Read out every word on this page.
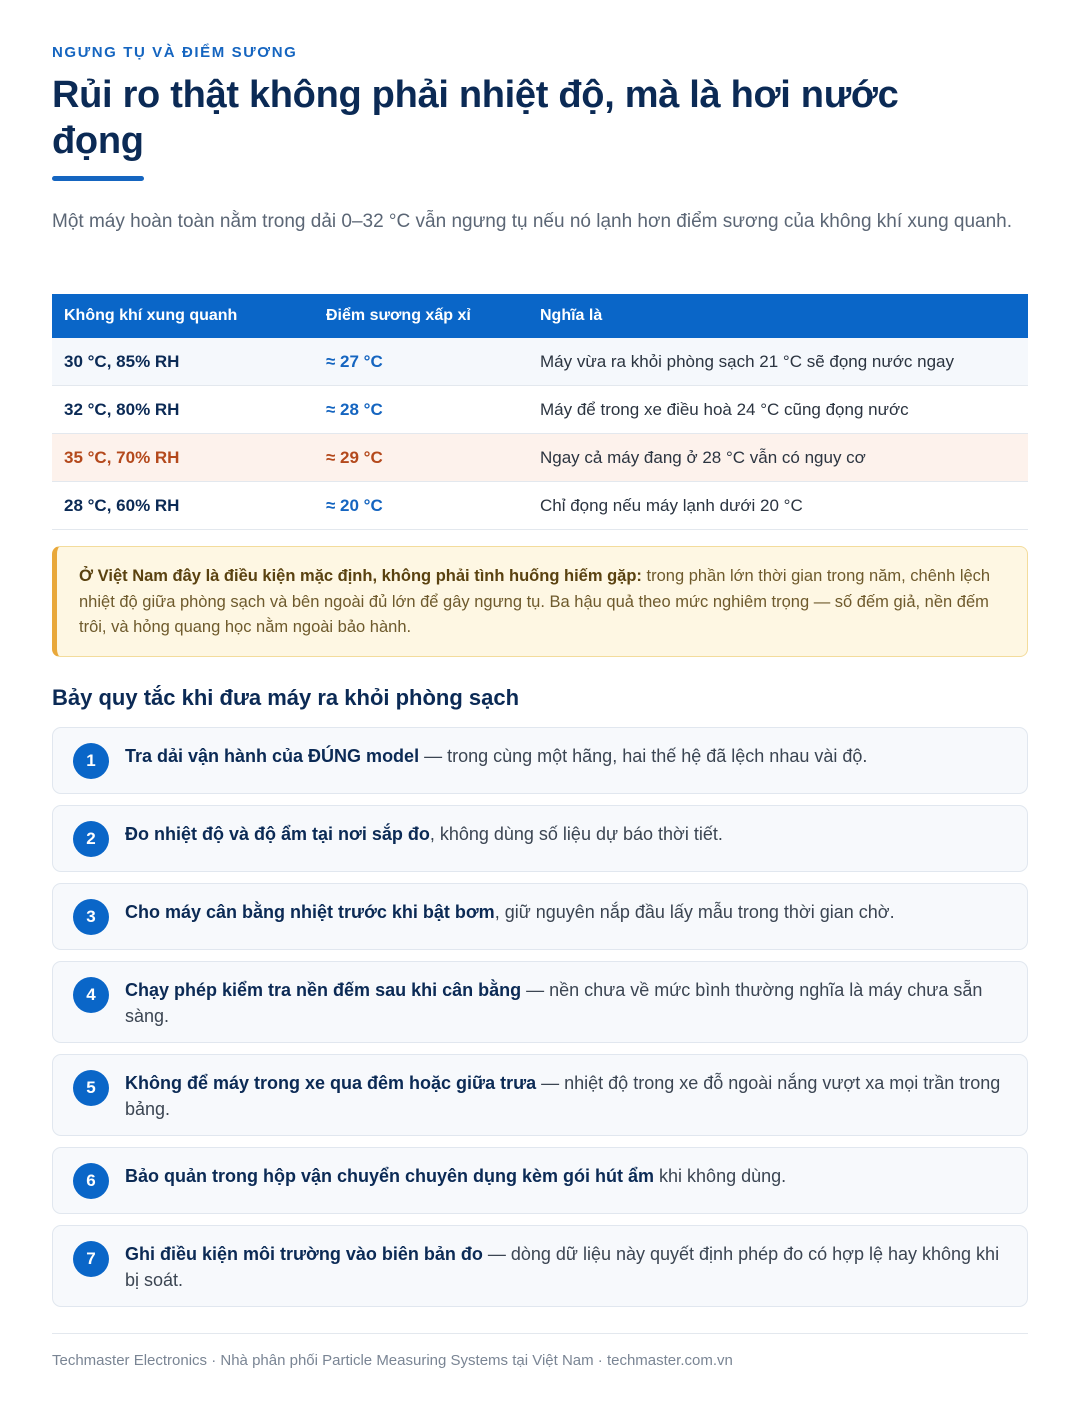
NGƯNG TỤ VÀ ĐIỂM SƯƠNG
Rủi ro thật không phải nhiệt độ, mà là hơi nước đọng

Một máy hoàn toàn nằm trong dải 0–32 °C vẫn ngưng tụ nếu nó lạnh hơn điểm sương của không khí xung quanh.

Không khí xung quanh	Điểm sương xấp xỉ	Nghĩa là
30 °C, 85% RH	≈ 27 °C	Máy vừa ra khỏi phòng sạch 21 °C sẽ đọng nước ngay
32 °C, 80% RH	≈ 28 °C	Máy để trong xe điều hoà 24 °C cũng đọng nước
35 °C, 70% RH	≈ 29 °C	Ngay cả máy đang ở 28 °C vẫn có nguy cơ
28 °C, 60% RH	≈ 20 °C	Chỉ đọng nếu máy lạnh dưới 20 °C
Ở Việt Nam đây là điều kiện mặc định, không phải tình huống hiếm gặp: trong phần lớn thời gian trong năm, chênh lệch nhiệt độ giữa phòng sạch và bên ngoài đủ lớn để gây ngưng tụ. Ba hậu quả theo mức nghiêm trọng — số đếm giả, nền đếm trôi, và hỏng quang học nằm ngoài bảo hành.
Bảy quy tắc khi đưa máy ra khỏi phòng sạch
1	Tra dải vận hành của ĐÚNG model — trong cùng một hãng, hai thế hệ đã lệch nhau vài độ.
2	Đo nhiệt độ và độ ẩm tại nơi sắp đo, không dùng số liệu dự báo thời tiết.
3	Cho máy cân bằng nhiệt trước khi bật bơm, giữ nguyên nắp đầu lấy mẫu trong thời gian chờ.
4	Chạy phép kiểm tra nền đếm sau khi cân bằng — nền chưa về mức bình thường nghĩa là máy chưa sẵn sàng.
5	Không để máy trong xe qua đêm hoặc giữa trưa — nhiệt độ trong xe đỗ ngoài nắng vượt xa mọi trần trong bảng.
6	Bảo quản trong hộp vận chuyển chuyên dụng kèm gói hút ẩm khi không dùng.
7	Ghi điều kiện môi trường vào biên bản đo — dòng dữ liệu này quyết định phép đo có hợp lệ hay không khi bị soát.
Techmaster Electronics · Nhà phân phối Particle Measuring Systems tại Việt Nam · techmaster.com.vn
